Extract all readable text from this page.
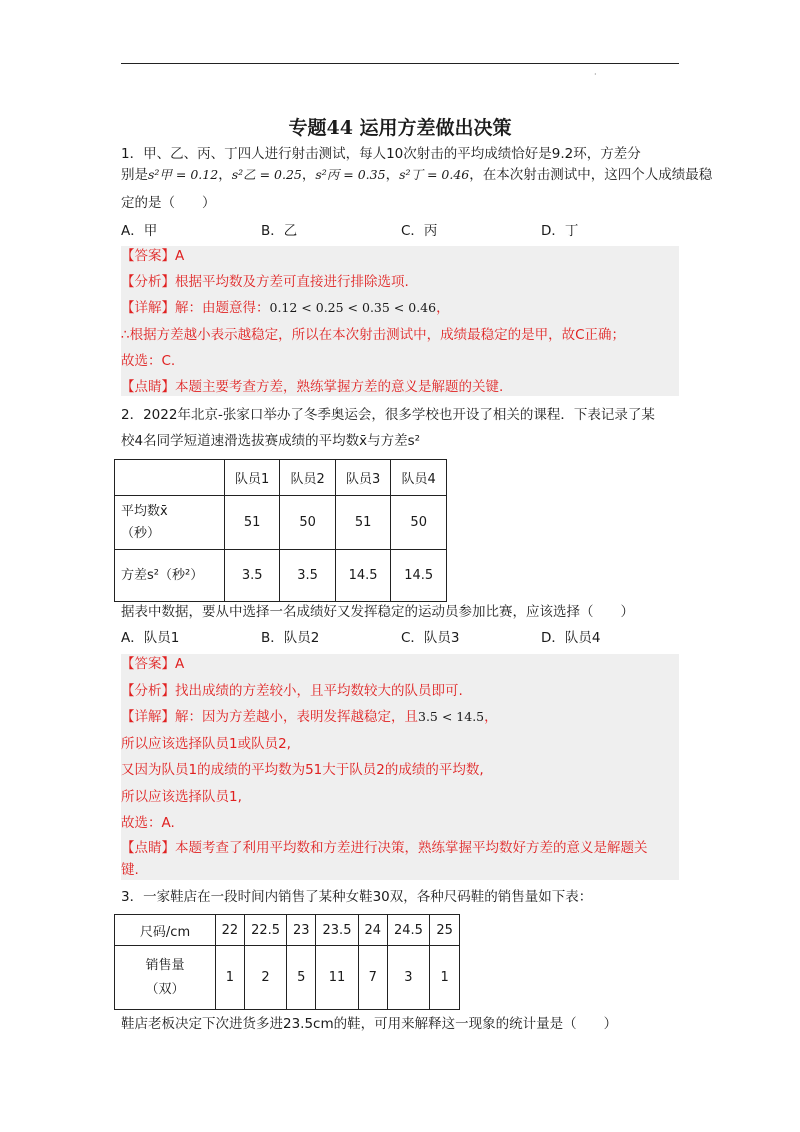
·
专题44 运用方差做出决策
1．甲、乙、丙、丁四人进行射击测试，每人10次射击的平均成绩恰好是9.2环，方差分
别是s²甲 = 0.12，s²乙 = 0.25，s²丙 = 0.35，s²丁 = 0.46，在本次射击测试中，这四个人成绩最稳
定的是（　　）
A．甲	B．乙	C．丙	D．丁
【答案】A
【分析】根据平均数及方差可直接进行排除选项.
【详解】解：由题意得：0.12 < 0.25 < 0.35 < 0.46，
∴根据方差越小表示越稳定，所以在本次射击测试中，成绩最稳定的是甲，故C正确；
故选：C.
【点睛】本题主要考查方差，熟练掌握方差的意义是解题的关键.
2．2022年北京-张家口举办了冬季奥运会，很多学校也开设了相关的课程．下表记录了某
校4名同学短道速滑选拔赛成绩的平均数x̄与方差s²
	队员1	队员2	队员3	队员4

平均数x̄
（秒）	51	50	51	50
方差s²（秒²）	3.5	3.5	14.5	14.5
据表中数据，要从中选择一名成绩好又发挥稳定的运动员参加比赛，应该选择（　　）
A．队员1	B．队员2	C．队员3	D．队员4
【答案】A
【分析】找出成绩的方差较小，且平均数较大的队员即可.
【详解】解：因为方差越小，表明发挥越稳定，且3.5 < 14.5，
所以应该选择队员1或队员2,
又因为队员1的成绩的平均数为51大于队员2的成绩的平均数,
所以应该选择队员1,
故选：A.
【点睛】本题考查了利用平均数和方差进行决策，熟练掌握平均数好方差的意义是解题关
键.
3．一家鞋店在一段时间内销售了某种女鞋30双，各种尺码鞋的销售量如下表：
尺码/cm	22	22.5	23	23.5	24	24.5	25

销售量
（双）	1	2	5	11	7	3	1
鞋店老板决定下次进货多进23.5cm的鞋，可用来解释这一现象的统计量是（　　）
